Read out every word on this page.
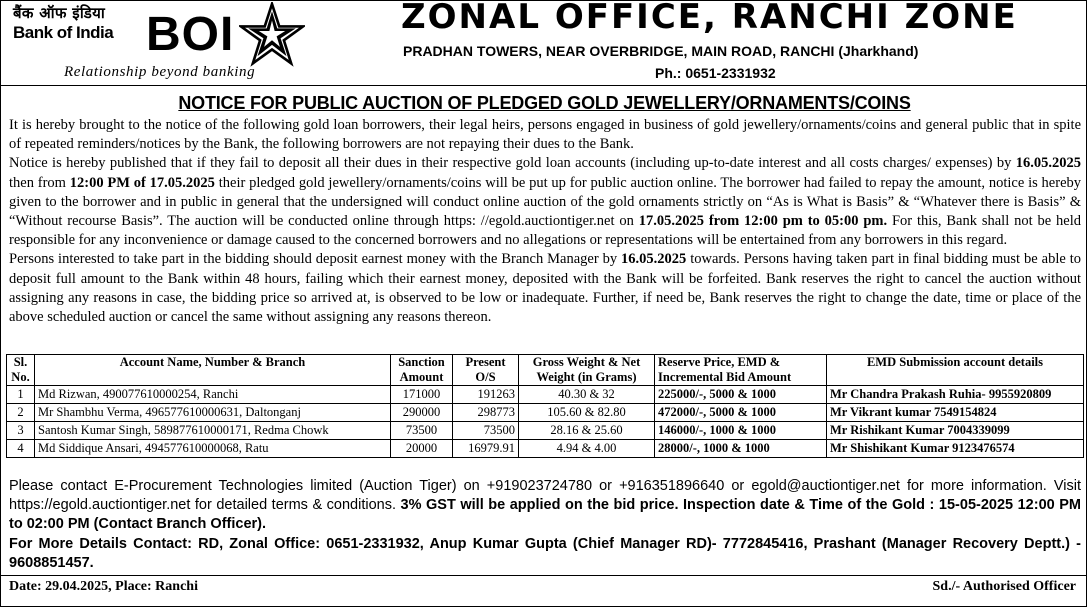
बैंक ऑफ इंडिया
Bank of India BOI
Relationship beyond banking
ZONAL OFFICE, RANCHI ZONE
PRADHAN TOWERS, NEAR OVERBRIDGE, MAIN ROAD, RANCHI (Jharkhand)
Ph.: 0651-2331932
NOTICE FOR PUBLIC AUCTION OF PLEDGED GOLD JEWELLERY/ORNAMENTS/COINS

It is hereby brought to the notice of the following gold loan borrowers, their legal heirs, persons engaged in business of gold jewellery/ornaments/coins and general public that in spite of repeated reminders/notices by the Bank, the following borrowers are not repaying their dues to the Bank.

Notice is hereby published that if they fail to deposit all their dues in their respective gold loan accounts (including up-to-date interest and all costs charges/ expenses) by 16.05.2025 then from 12:00 PM of 17.05.2025 their pledged gold jewellery/ornaments/coins will be put up for public auction online. The borrower had failed to repay the amount, notice is hereby given to the borrower and in public in general that the undersigned will conduct online auction of the gold ornaments strictly on “As is What is Basis” & “Whatever there is Basis” & “Without recourse Basis”. The auction will be conducted online through https: //egold.auctiontiger.net on 17.05.2025 from 12:00 pm to 05:00 pm. For this, Bank shall not be held responsible for any inconvenience or damage caused to the concerned borrowers and no allegations or representations will be entertained from any borrowers in this regard.

Persons interested to take part in the bidding should deposit earnest money with the Branch Manager by 16.05.2025 towards. Persons having taken part in final bidding must be able to deposit full amount to the Bank within 48 hours, failing which their earnest money, deposited with the Bank will be forfeited. Bank reserves the right to cancel the auction without assigning any reasons in case, the bidding price so arrived at, is observed to be low or inadequate. Further, if need be, Bank reserves the right to change the date, time or place of the above scheduled auction or cancel the same without assigning any reasons thereon.

Sl. No.	Account Name, Number & Branch	Sanction Amount	Present O/S	Gross Weight & Net Weight (in Grams)	Reserve Price, EMD & Incremental Bid Amount	EMD Submission account details
1	Md Rizwan, 490077610000254, Ranchi	171000	191263	40.30 & 32	225000/-, 5000 & 1000	Mr Chandra Prakash Ruhia- 9955920809
2	Mr Shambhu Verma, 496577610000631, Daltonganj	290000	298773	105.60 & 82.80	472000/-, 5000 & 1000	Mr Vikrant kumar 7549154824
3	Santosh Kumar Singh, 589877610000171, Redma Chowk	73500	73500	28.16 & 25.60	146000/-, 1000 & 1000	Mr Rishikant Kumar 7004339099
4	Md Siddique Ansari, 494577610000068, Ratu	20000	16979.91	4.94 & 4.00	28000/-, 1000 & 1000	Mr Shishikant Kumar 9123476574

Please contact E-Procurement Technologies limited (Auction Tiger) on +919023724780 or +916351896640 or egold@auctiontiger.net for more information. Visit https://egold.auctiontiger.net for detailed terms & conditions. 3% GST will be applied on the bid price. Inspection date & Time of the Gold : 15-05-2025 12:00 PM to 02:00 PM (Contact Branch Officer).

For More Details Contact: RD, Zonal Office: 0651-2331932, Anup Kumar Gupta (Chief Manager RD)- 7772845416, Prashant (Manager Recovery Deptt.) - 9608851457.

Date: 29.04.2025, Place: Ranchi	Sd./- Authorised Officer
